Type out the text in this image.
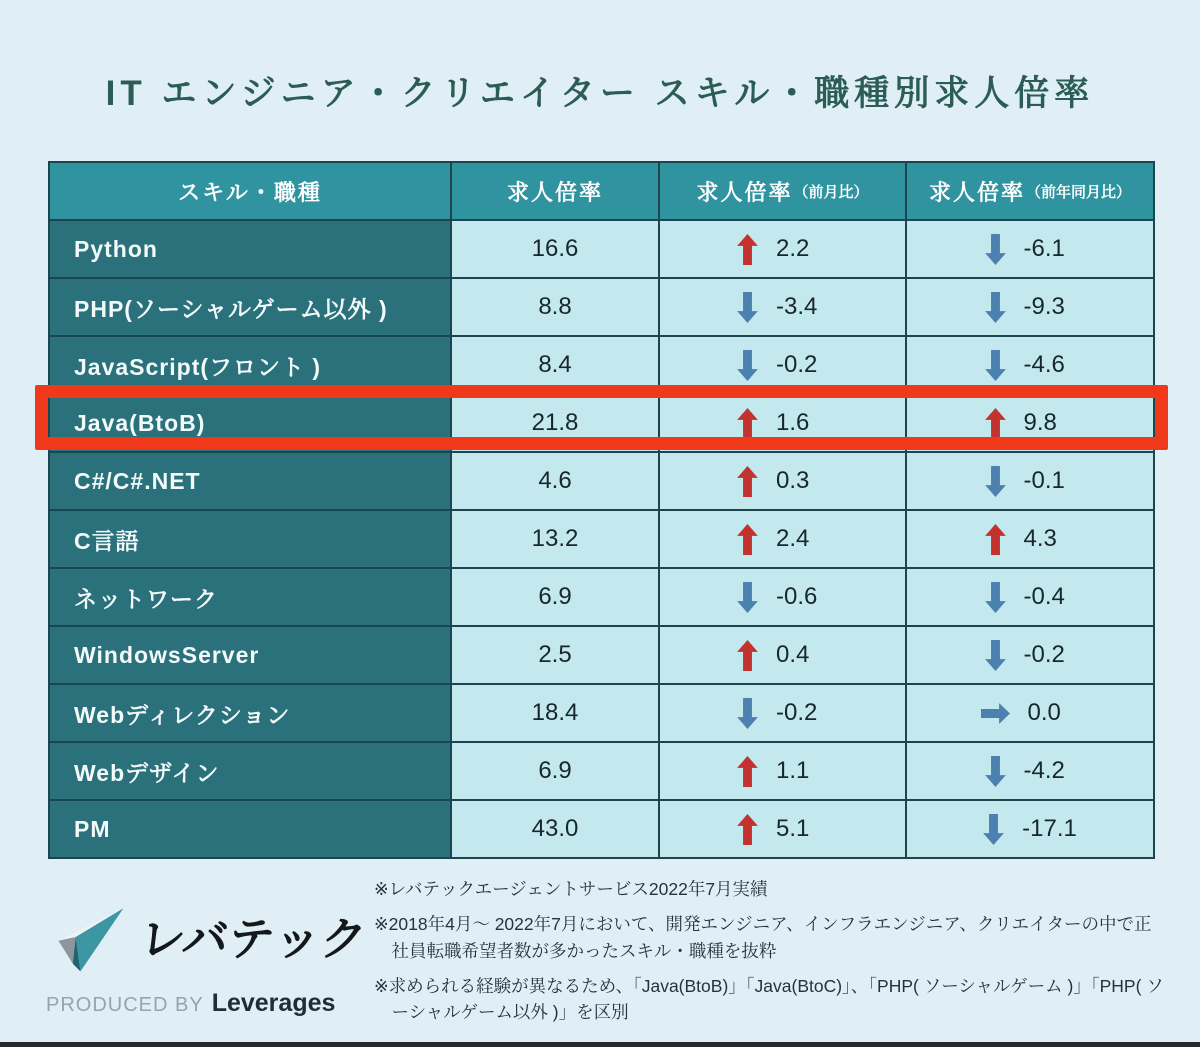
IT エンジニア・クリエイター スキル・職種別求人倍率
スキル・職種	求人倍率	求人倍率 （前月比）	求人倍率 （前年同月比）
Python	16.6	2.2	-6.1
PHP(ソーシャルゲーム以外 )	8.8	-3.4	-9.3
JavaScript(フロント )	8.4	-0.2	-4.6
Java(BtoB)	21.8	1.6	9.8
C#/C#.NET	4.6	0.3	-0.1
C言語	13.2	2.4	4.3
ネットワーク	6.9	-0.6	-0.4
WindowsServer	2.5	0.4	-0.2
Webディレクション	18.4	-0.2	0.0
Webデザイン	6.9	1.1	-4.2
PM	43.0	5.1	-17.1
レバテック
PRODUCED BY Leverages

※レバテックエージェントサービス2022年7月実績

※2018年4月〜 2022年7月において、開発エンジニア、インフラエンジニア、クリエイターの中で正社員転職希望者数が多かったスキル・職種を抜粋

※求められる経験が異なるため、「Java(BtoB)」「Java(BtoC)」、「PHP( ソーシャルゲーム )」「PHP( ソーシャルゲーム以外 )」を区別
